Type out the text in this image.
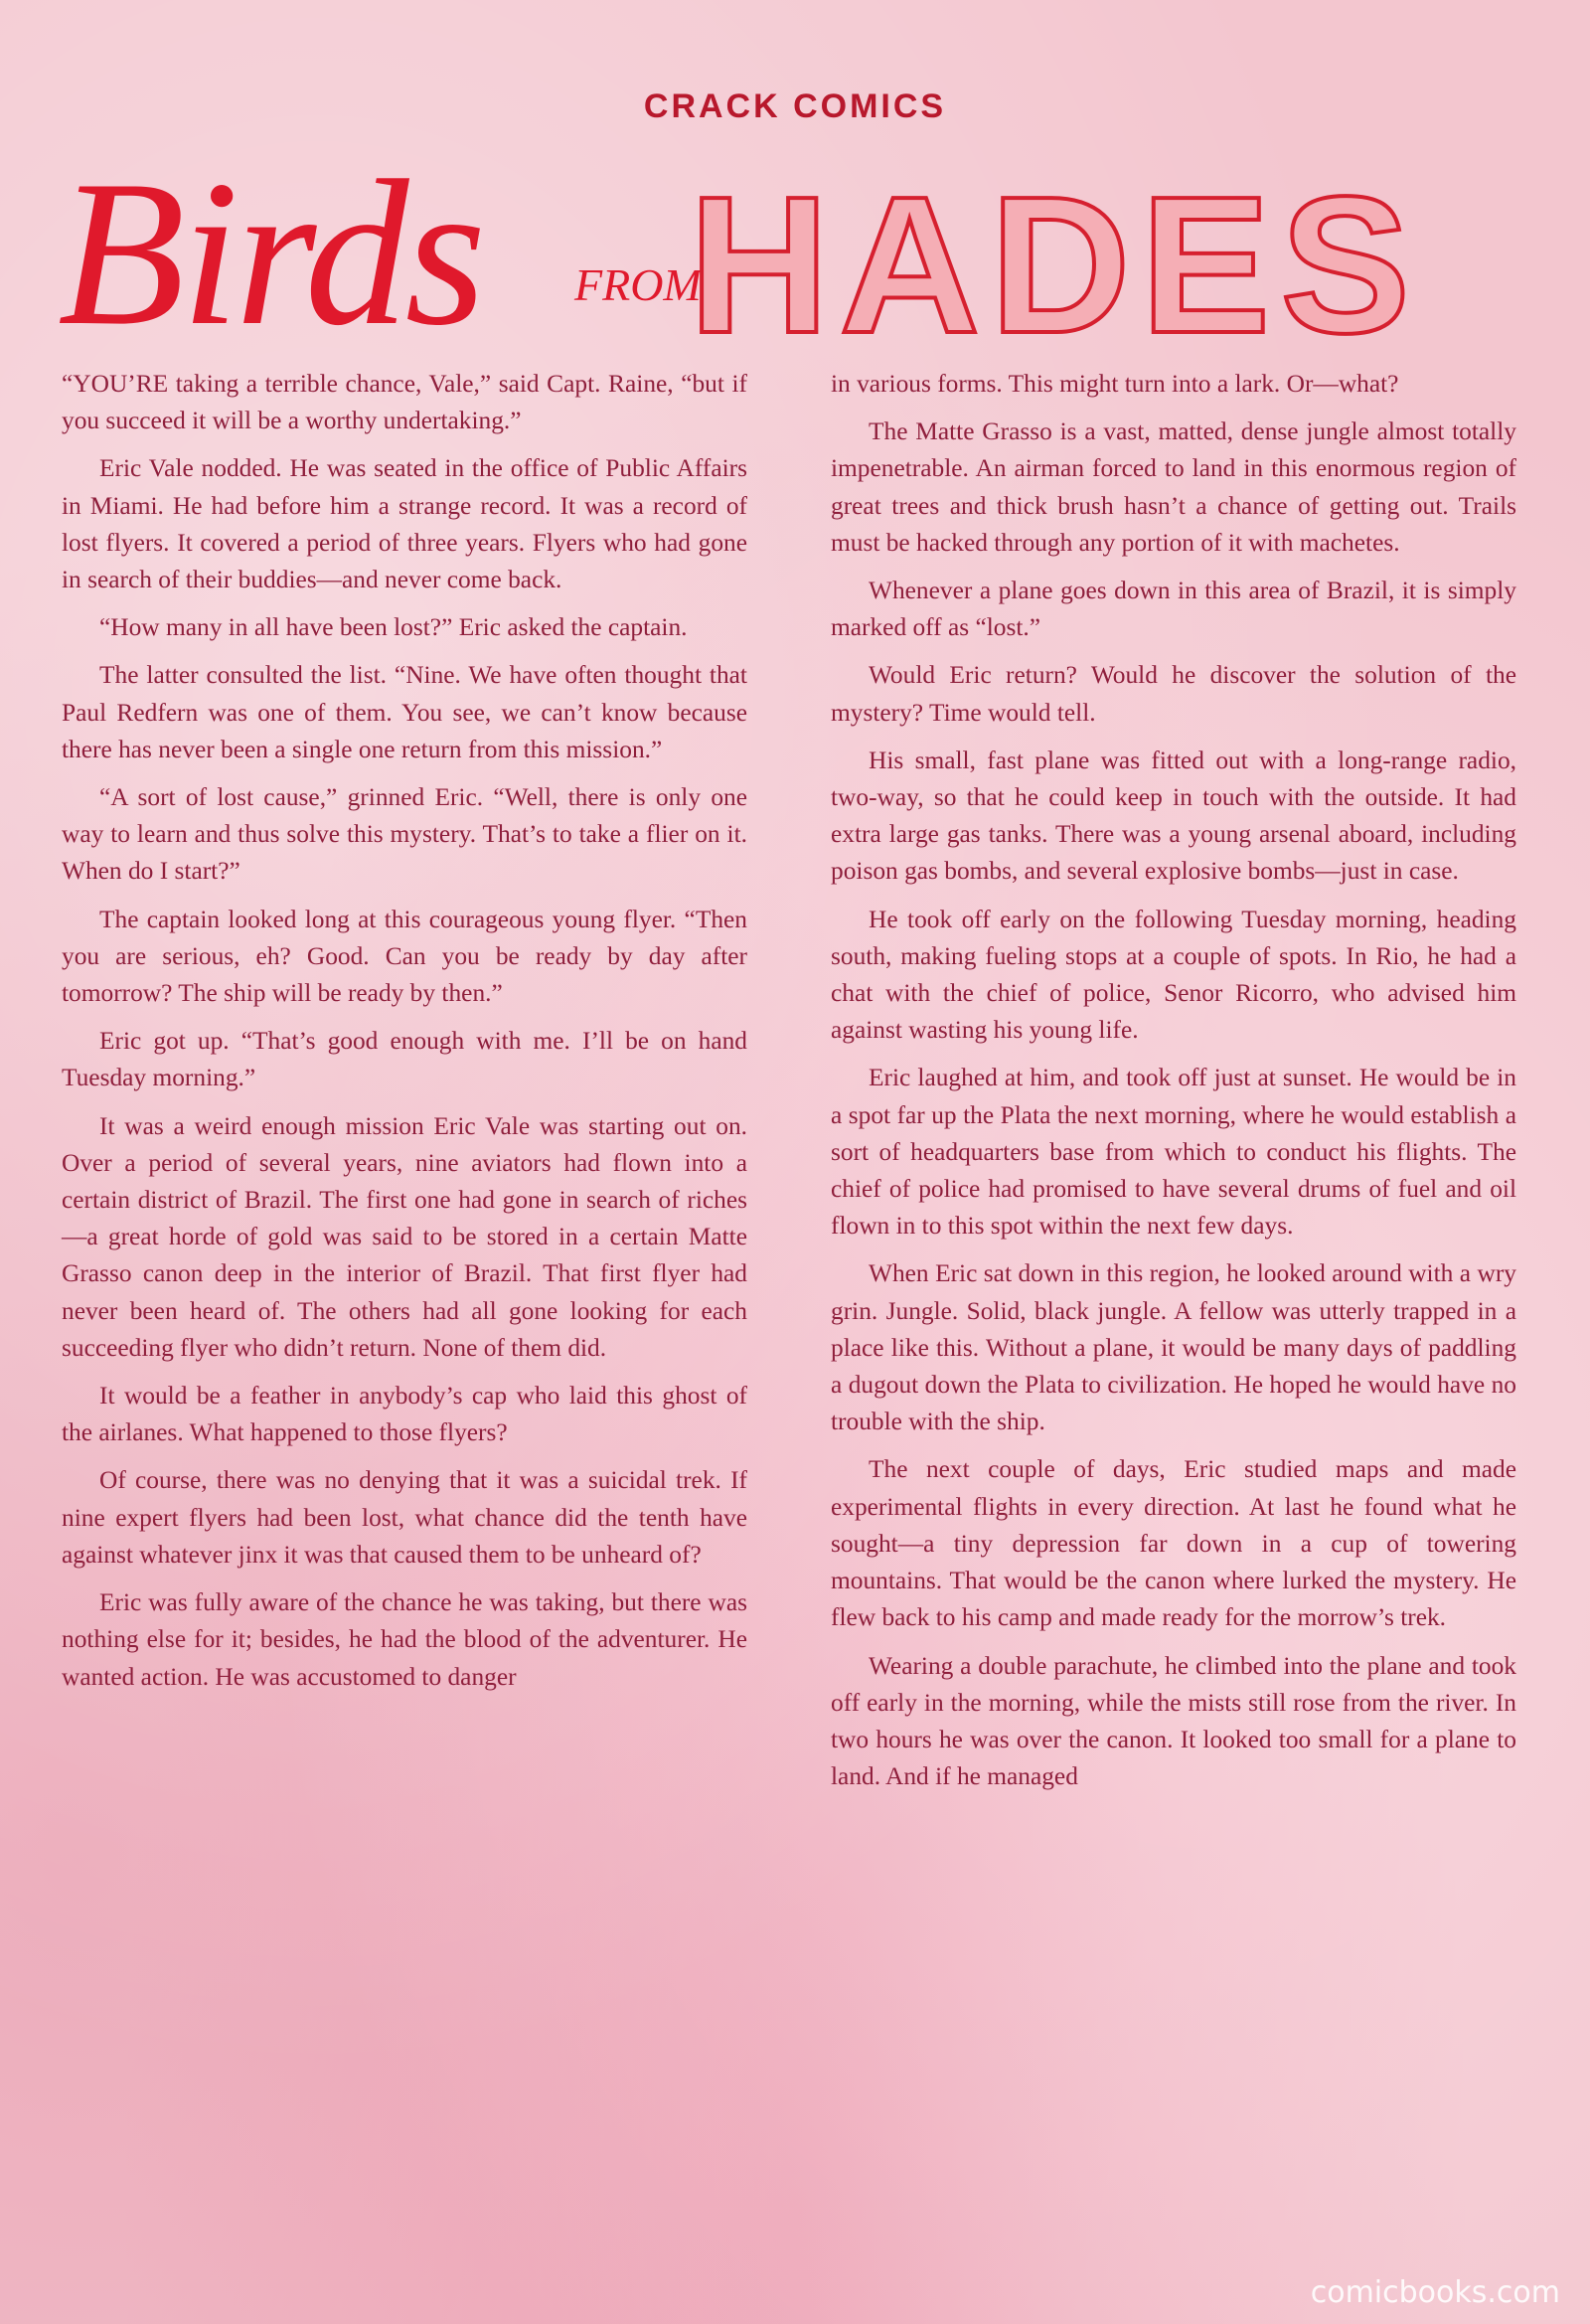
CRACK COMICS
Birds FROM
HADES

“YOU’RE taking a terrible chance, Vale,” said Capt. Raine, “but if you succeed it will be a worthy undertaking.”

Eric Vale nodded. He was seated in the office of Public Affairs in Miami. He had before him a strange record. It was a record of lost flyers. It covered a period of three years. Flyers who had gone in search of their buddies—and never come back.

“How many in all have been lost?” Eric asked the captain.

The latter consulted the list. “Nine. We have often thought that Paul Redfern was one of them. You see, we can’t know because there has never been a single one return from this mission.”

“A sort of lost cause,” grinned Eric. “Well, there is only one way to learn and thus solve this mystery. That’s to take a flier on it. When do I start?”

The captain looked long at this courageous young flyer. “Then you are serious, eh? Good. Can you be ready by day after tomorrow? The ship will be ready by then.”

Eric got up. “That’s good enough with me. I’ll be on hand Tuesday morning.”

It was a weird enough mission Eric Vale was starting out on. Over a period of several years, nine aviators had flown into a certain district of Brazil. The first one had gone in search of riches—a great horde of gold was said to be stored in a certain Matte Grasso canon deep in the interior of Brazil. That first flyer had never been heard of. The others had all gone looking for each succeeding flyer who didn’t return. None of them did.

It would be a feather in anybody’s cap who laid this ghost of the airlanes. What happened to those flyers?

Of course, there was no denying that it was a suicidal trek. If nine expert flyers had been lost, what chance did the tenth have against whatever jinx it was that caused them to be unheard of?

Eric was fully aware of the chance he was taking, but there was nothing else for it; besides, he had the blood of the adventurer. He wanted action. He was accustomed to danger

in various forms. This might turn into a lark. Or—what?

The Matte Grasso is a vast, matted, dense jungle almost totally impenetrable. An airman forced to land in this enormous region of great trees and thick brush hasn’t a chance of getting out. Trails must be hacked through any portion of it with machetes.

Whenever a plane goes down in this area of Brazil, it is simply marked off as “lost.”

Would Eric return? Would he discover the solution of the mystery? Time would tell.

His small, fast plane was fitted out with a long-range radio, two-way, so that he could keep in touch with the outside. It had extra large gas tanks. There was a young arsenal aboard, including poison gas bombs, and several explosive bombs—just in case.

He took off early on the following Tuesday morning, heading south, making fueling stops at a couple of spots. In Rio, he had a chat with the chief of police, Senor Ricorro, who advised him against wasting his young life.

Eric laughed at him, and took off just at sunset. He would be in a spot far up the Plata the next morning, where he would establish a sort of headquarters base from which to conduct his flights. The chief of police had promised to have several drums of fuel and oil flown in to this spot within the next few days.

When Eric sat down in this region, he looked around with a wry grin. Jungle. Solid, black jungle. A fellow was utterly trapped in a place like this. Without a plane, it would be many days of paddling a dugout down the Plata to civilization. He hoped he would have no trouble with the ship.

The next couple of days, Eric studied maps and made experimental flights in every direction. At last he found what he sought—a tiny depression far down in a cup of towering mountains. That would be the canon where lurked the mystery. He flew back to his camp and made ready for the morrow’s trek.

Wearing a double parachute, he climbed into the plane and took off early in the morning, while the mists still rose from the river. In two hours he was over the canon. It looked too small for a plane to land. And if he managed

comicbooks.com
